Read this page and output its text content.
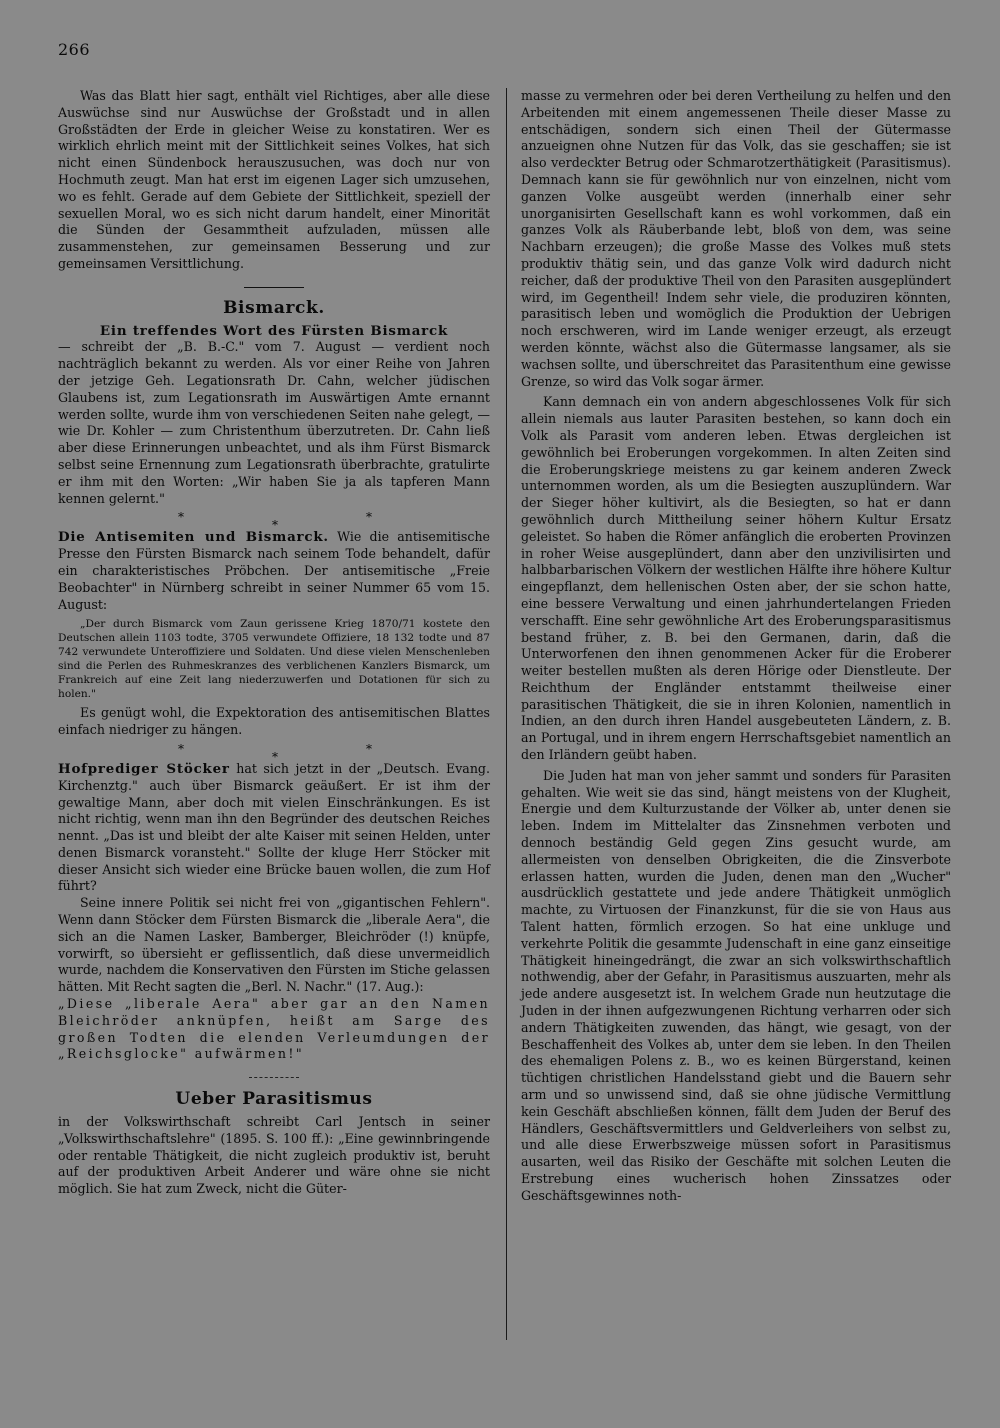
266

Was das Blatt hier sagt, enthält viel Richtiges, aber alle diese Auswüchse sind nur Auswüchse der Großstadt und in allen Großstädten der Erde in gleicher Weise zu konstatiren. Wer es wirklich ehrlich meint mit der Sittlichkeit seines Volkes, hat sich nicht einen Sündenbock herauszusuchen, was doch nur von Hochmuth zeugt. Man hat erst im eigenen Lager sich umzusehen, wo es fehlt. Gerade auf dem Gebiete der Sittlichkeit, speziell der sexuellen Moral, wo es sich nicht darum handelt, einer Minorität die Sünden der Gesammtheit aufzuladen, müssen alle zusammenstehen, zur gemeinsamen Besserung und zur gemeinsamen Versittlichung.

Bismarck.
Ein treffendes Wort des Fürsten Bismarck

— schreibt der „B. B.-C." vom 7. August — verdient noch nachträglich bekannt zu werden. Als vor einer Reihe von Jahren der jetzige Geh. Legationsrath Dr. Cahn, welcher jüdischen Glaubens ist, zum Legationsrath im Auswärtigen Amte ernannt werden sollte, wurde ihm von verschiedenen Seiten nahe gelegt, — wie Dr. Kohler — zum Christenthum überzutreten. Dr. Cahn ließ aber diese Erinnerungen unbeachtet, und als ihm Fürst Bismarck selbst seine Ernennung zum Legationsrath überbrachte, gratulirte er ihm mit den Worten: „Wir haben Sie ja als tapferen Mann kennen gelernt."

*
*
*

Die Antisemiten und Bismarck. Wie die antisemitische Presse den Fürsten Bismarck nach seinem Tode behandelt, dafür ein charakteristisches Pröbchen. Der antisemitische „Freie Beobachter" in Nürnberg schreibt in seiner Nummer 65 vom 15. August:

„Der durch Bismarck vom Zaun gerissene Krieg 1870/71 kostete den Deutschen allein 1103 todte, 3705 verwundete Offiziere, 18 132 todte und 87 742 verwundete Unteroffiziere und Soldaten. Und diese vielen Menschenleben sind die Perlen des Ruhmeskranzes des verblichenen Kanzlers Bismarck, um Frankreich auf eine Zeit lang niederzuwerfen und Dotationen für sich zu holen."

Es genügt wohl, die Expektoration des antisemitischen Blattes einfach niedriger zu hängen.

*
*
*

Hofprediger Stöcker hat sich jetzt in der „Deutsch. Evang. Kirchenztg." auch über Bismarck geäußert. Er ist ihm der gewaltige Mann, aber doch mit vielen Einschränkungen. Es ist nicht richtig, wenn man ihn den Begründer des deutschen Reiches nennt. „Das ist und bleibt der alte Kaiser mit seinen Helden, unter denen Bismarck voransteht." Sollte der kluge Herr Stöcker mit dieser Ansicht sich wieder eine Brücke bauen wollen, die zum Hof führt?

Seine innere Politik sei nicht frei von „gigantischen Fehlern". Wenn dann Stöcker dem Fürsten Bismarck die „liberale Aera", die sich an die Namen Lasker, Bamberger, Bleichröder (!) knüpfe, vorwirft, so übersieht er geflissentlich, daß diese unvermeidlich wurde, nachdem die Konservativen den Fürsten im Stiche gelassen hätten. Mit Recht sagten die „Berl. N. Nachr." (17. Aug.):

„Diese „liberale Aera" aber gar an den Namen Bleichröder anknüpfen, heißt am Sarge des großen Todten die elenden Verleumdungen der „Reichsglocke" aufwärmen!"

Ueber Parasitismus

in der Volkswirthschaft schreibt Carl Jentsch in seiner „Volkswirthschaftslehre" (1895. S. 100 ff.): „Eine gewinnbringende oder rentable Thätigkeit, die nicht zugleich produktiv ist, beruht auf der produktiven Arbeit Anderer und wäre ohne sie nicht möglich. Sie hat zum Zweck, nicht die Güter-

masse zu vermehren oder bei deren Vertheilung zu helfen und den Arbeitenden mit einem angemessenen Theile dieser Masse zu entschädigen, sondern sich einen Theil der Gütermasse anzueignen ohne Nutzen für das Volk, das sie geschaffen; sie ist also verdeckter Betrug oder Schmarotzerthätigkeit (Parasitismus). Demnach kann sie für gewöhnlich nur von einzelnen, nicht vom ganzen Volke ausgeübt werden (innerhalb einer sehr unorganisirten Gesellschaft kann es wohl vorkommen, daß ein ganzes Volk als Räuberbande lebt, bloß von dem, was seine Nachbarn erzeugen); die große Masse des Volkes muß stets produktiv thätig sein, und das ganze Volk wird dadurch nicht reicher, daß der produktive Theil von den Parasiten ausgeplündert wird, im Gegentheil! Indem sehr viele, die produziren könnten, parasitisch leben und womöglich die Produktion der Uebrigen noch erschweren, wird im Lande weniger erzeugt, als erzeugt werden könnte, wächst also die Gütermasse langsamer, als sie wachsen sollte, und überschreitet das Parasitenthum eine gewisse Grenze, so wird das Volk sogar ärmer.

Kann demnach ein von andern abgeschlossenes Volk für sich allein niemals aus lauter Parasiten bestehen, so kann doch ein Volk als Parasit vom anderen leben. Etwas dergleichen ist gewöhnlich bei Eroberungen vorgekommen. In alten Zeiten sind die Eroberungskriege meistens zu gar keinem anderen Zweck unternommen worden, als um die Besiegten auszuplündern. War der Sieger höher kultivirt, als die Besiegten, so hat er dann gewöhnlich durch Mittheilung seiner höhern Kultur Ersatz geleistet. So haben die Römer anfänglich die eroberten Provinzen in roher Weise ausgeplündert, dann aber den unzivilisirten und halbbarbarischen Völkern der westlichen Hälfte ihre höhere Kultur eingepflanzt, dem hellenischen Osten aber, der sie schon hatte, eine bessere Verwaltung und einen jahrhundertelangen Frieden verschafft. Eine sehr gewöhnliche Art des Eroberungsparasitismus bestand früher, z. B. bei den Germanen, darin, daß die Unterworfenen den ihnen genommenen Acker für die Eroberer weiter bestellen mußten als deren Hörige oder Dienstleute. Der Reichthum der Engländer entstammt theilweise einer parasitischen Thätigkeit, die sie in ihren Kolonien, namentlich in Indien, an den durch ihren Handel ausgebeuteten Ländern, z. B. an Portugal, und in ihrem engern Herrschaftsgebiet namentlich an den Irländern geübt haben.

Die Juden hat man von jeher sammt und sonders für Parasiten gehalten. Wie weit sie das sind, hängt meistens von der Klugheit, Energie und dem Kulturzustande der Völker ab, unter denen sie leben. Indem im Mittelalter das Zinsnehmen verboten und dennoch beständig Geld gegen Zins gesucht wurde, am allermeisten von denselben Obrigkeiten, die die Zinsverbote erlassen hatten, wurden die Juden, denen man den „Wucher" ausdrücklich gestattete und jede andere Thätigkeit unmöglich machte, zu Virtuosen der Finanzkunst, für die sie von Haus aus Talent hatten, förmlich erzogen. So hat eine unkluge und verkehrte Politik die gesammte Judenschaft in eine ganz einseitige Thätigkeit hineingedrängt, die zwar an sich volkswirthschaftlich nothwendig, aber der Gefahr, in Parasitismus auszuarten, mehr als jede andere ausgesetzt ist. In welchem Grade nun heutzutage die Juden in der ihnen aufgezwungenen Richtung verharren oder sich andern Thätigkeiten zuwenden, das hängt, wie gesagt, von der Beschaffenheit des Volkes ab, unter dem sie leben. In den Theilen des ehemaligen Polens z. B., wo es keinen Bürgerstand, keinen tüchtigen christlichen Handelsstand giebt und die Bauern sehr arm und so unwissend sind, daß sie ohne jüdische Vermittlung kein Geschäft abschließen können, fällt dem Juden der Beruf des Händlers, Geschäftsvermittlers und Geldverleihers von selbst zu, und alle diese Erwerbszweige müssen sofort in Parasitismus ausarten, weil das Risiko der Geschäfte mit solchen Leuten die Erstrebung eines wucherisch hohen Zinssatzes oder Geschäftsgewinnes noth-
